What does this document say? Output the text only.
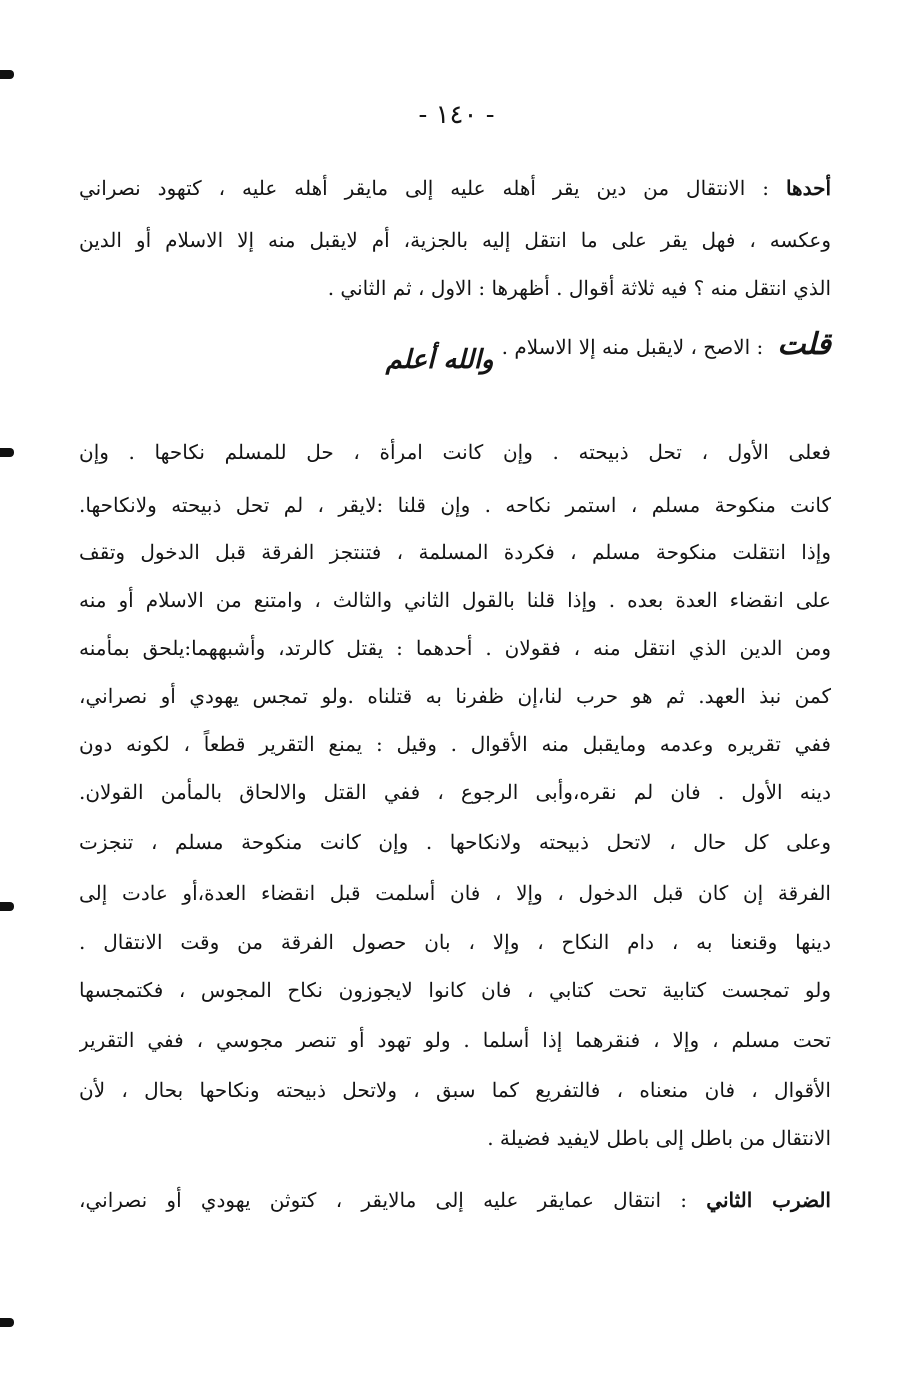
- ١٤٠ -
أحدها : الانتقال من دين يقر أهله عليه إلى مايقر أهله عليه ، كتهود نصراني
وعكسه ، فهل يقر على ما انتقل إليه بالجزية، أم لايقبل منه إلا الاسلام أو الدين
الذي انتقل منه ؟ فيه ثلاثة أقوال . أظهرها : الاول ، ثم الثاني .
قلت: الاصح ، لايقبل منه إلا الاسلام .والله أعلم
فعلى الأول ، تحل ذبيحته . وإن كانت امرأة ، حل للمسلم نكاحها . وإن
كانت منكوحة مسلم ، استمر نكاحه . وإن قلنا :لايقر ، لم تحل ذبيحته ولانكاحها.
وإذا انتقلت منكوحة مسلم ، فكردة المسلمة ، فتنتجز الفرقة قبل الدخول وتقف
على انقضاء العدة بعده . وإذا قلنا بالقول الثاني والثالث ، وامتنع من الاسلام أو منه
ومن الدين الذي انتقل منه ، فقولان . أحدهما : يقتل كالرتد، وأشبههما:يلحق بمأمنه
كمن نبذ العهد. ثم هو حرب لنا،إن ظفرنا به قتلناه .ولو تمجس يهودي أو نصراني،
ففي تقريره وعدمه ومايقبل منه الأقوال . وقيل : يمنع التقرير قطعاً ، لكونه دون
دينه الأول . فان لم نقره،وأبى الرجوع ، ففي القتل والالحاق بالمأمن القولان.
وعلى كل حال ، لاتحل ذبيحته ولانكاحها . وإن كانت منكوحة مسلم ، تنجزت
الفرقة إن كان قبل الدخول ، وإلا ، فان أسلمت قبل انقضاء العدة،أو عادت إلى
دينها وقنعنا به ، دام النكاح ، وإلا ، بان حصول الفرقة من وقت الانتقال .
ولو تمجست كتابية تحت كتابي ، فان كانوا لايجوزون نكاح المجوس ، فكتمجسها
تحت مسلم ، وإلا ، فنقرهما إذا أسلما . ولو تهود أو تنصر مجوسي ، ففي التقرير
الأقوال ، فان منعناه ، فالتفريع كما سبق ، ولاتحل ذبيحته ونكاحها بحال ، لأن
الانتقال من باطل إلى باطل لايفيد فضيلة .
الضرب الثاني : انتقال عمايقر عليه إلى مالايقر ، كتوثن يهودي أو نصراني،
